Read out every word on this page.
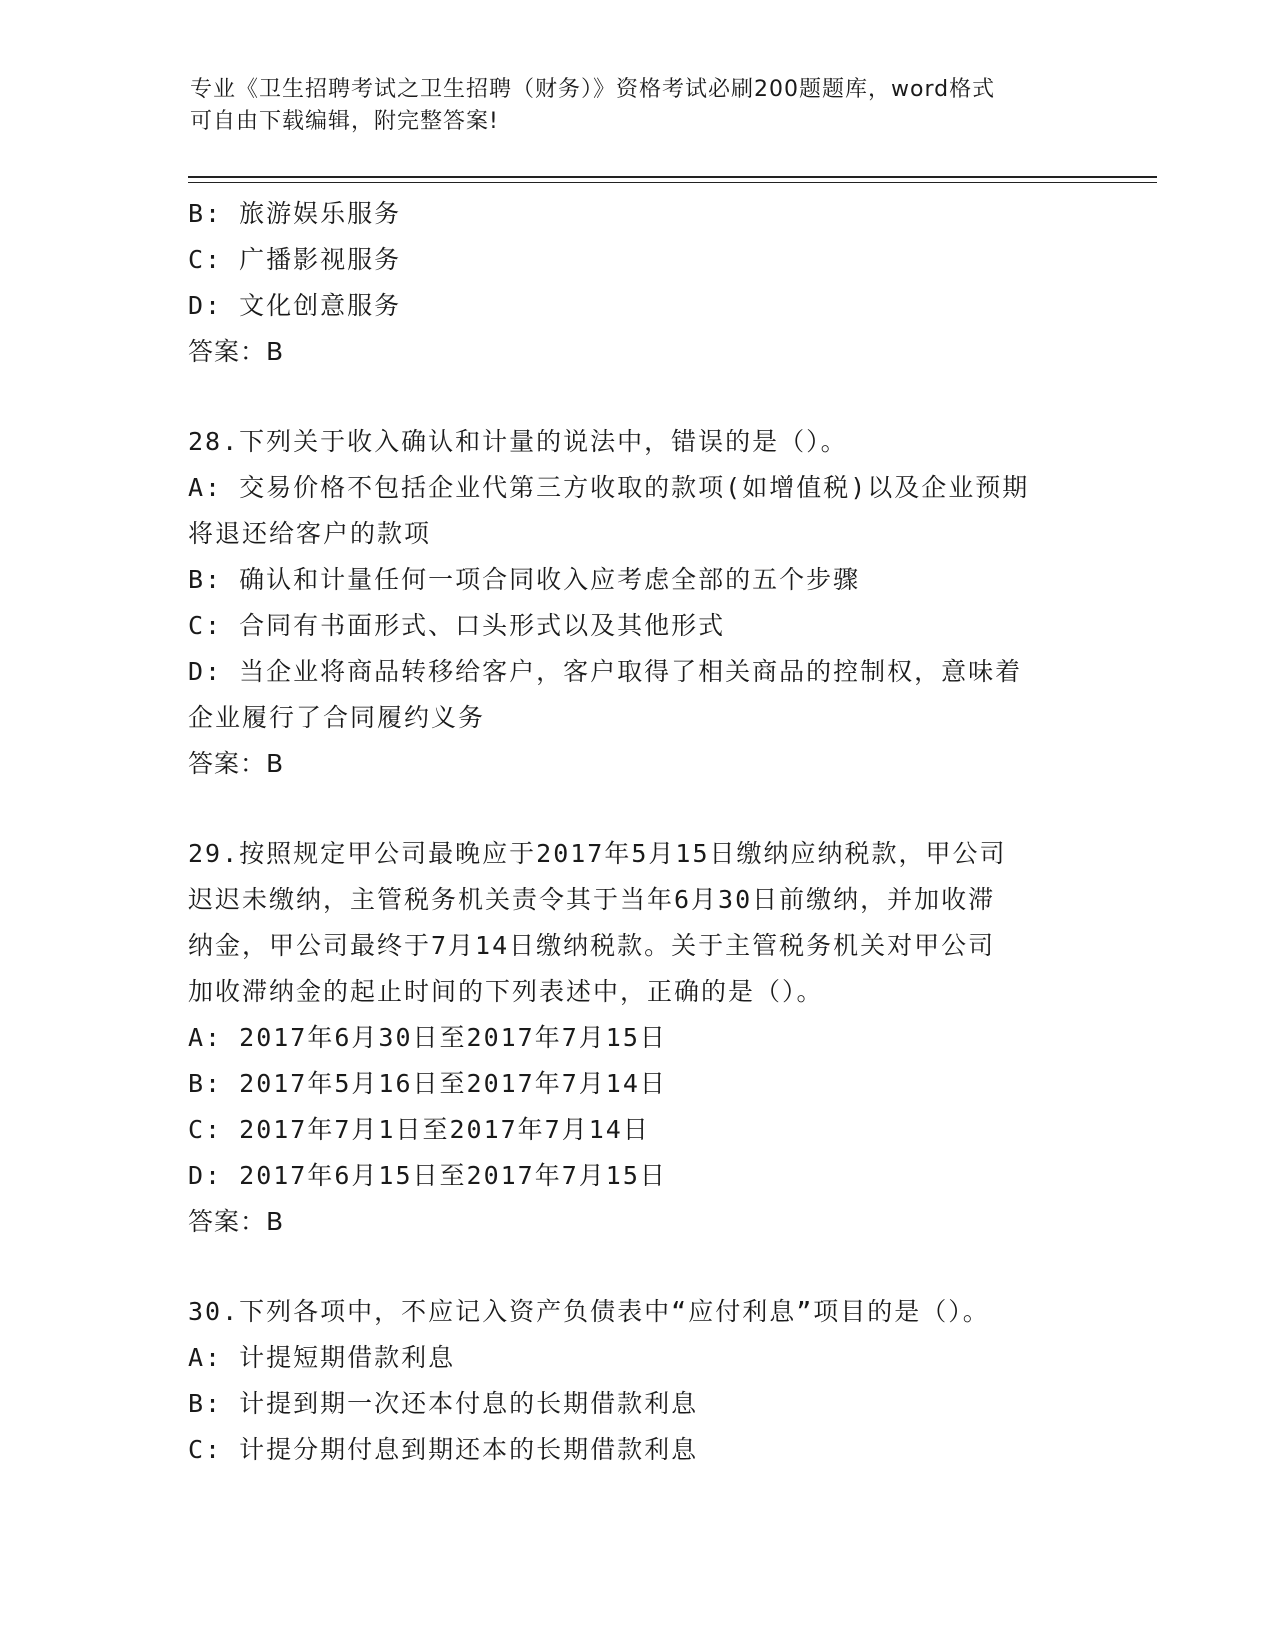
专业《卫生招聘考试之卫生招聘（财务）》资格考试必刷200题题库，word格式
可自由下载编辑，附完整答案!
B: 旅游娱乐服务
C: 广播影视服务
D: 文化创意服务
答案：B
28.下列关于收入确认和计量的说法中，错误的是（）。
A: 交易价格不包括企业代第三方收取的款项(如增值税)以及企业预期
将退还给客户的款项
B: 确认和计量任何一项合同收入应考虑全部的五个步骤
C: 合同有书面形式、口头形式以及其他形式
D: 当企业将商品转移给客户，客户取得了相关商品的控制权，意味着
企业履行了合同履约义务
答案：B
29.按照规定甲公司最晚应于2017年5月15日缴纳应纳税款，甲公司
迟迟未缴纳，主管税务机关责令其于当年6月30日前缴纳，并加收滞
纳金，甲公司最终于7月14日缴纳税款。关于主管税务机关对甲公司
加收滞纳金的起止时间的下列表述中，正确的是（）。
A: 2017年6月30日至2017年7月15日
B: 2017年5月16日至2017年7月14日
C: 2017年7月1日至2017年7月14日
D: 2017年6月15日至2017年7月15日
答案：B
30.下列各项中，不应记入资产负债表中“应付利息”项目的是（）。
A: 计提短期借款利息
B: 计提到期一次还本付息的长期借款利息
C: 计提分期付息到期还本的长期借款利息
